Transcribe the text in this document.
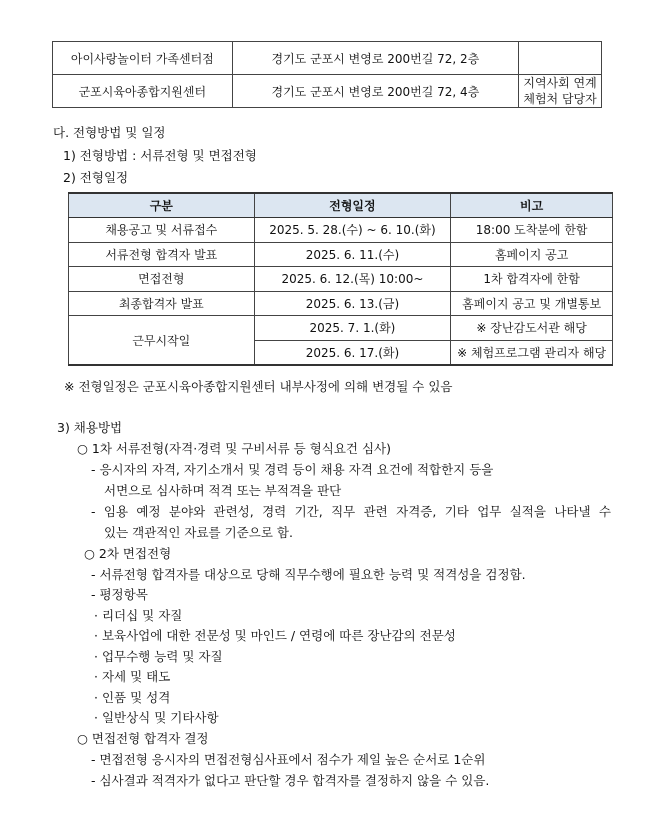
아이사랑놀이터 가족센터점	경기도 군포시 변영로 200번길 72, 2층	
군포시육아종합지원센터	경기도 군포시 변영로 200번길 72, 4층	지역사회 연계
체험처 담당자
다. 전형방법 및 일정
1) 전형방법 : 서류전형 및 면접전형
2) 전형일정
구분	전형일정	비고
채용공고 및 서류접수	2025. 5. 28.(수) ~ 6. 10.(화)	18:00 도착분에 한함
서류전형 합격자 발표	2025. 6. 11.(수)	홈페이지 공고
면접전형	2025. 6. 12.(목) 10:00~	1차 합격자에 한함
최종합격자 발표	2025. 6. 13.(금)	홈페이지 공고 및 개별통보
근무시작일	2025. 7. 1.(화)	※ 장난감도서관 해당
	2025. 6. 17.(화)	※ 체험프로그램 관리자 해당
※ 전형일정은 군포시육아종합지원센터 내부사정에 의해 변경될 수 있음
3) 채용방법
○ 1차 서류전형(자격·경력 및 구비서류 등 형식요건 심사)
- 응시자의 자격, 자기소개서 및 경력 등이 채용 자격 요건에 적합한지 등을
서면으로 심사하며 적격 또는 부적격을 판단
- 임용 예정 분야와 관련성, 경력 기간, 직무 관련 자격증, 기타 업무 실적을 나타낼 수
있는 객관적인 자료를 기준으로 함.
○ 2차 면접전형
- 서류전형 합격자를 대상으로 당해 직무수행에 필요한 능력 및 적격성을 검정함.
- 평정항목
· 리더십 및 자질
· 보육사업에 대한 전문성 및 마인드 / 연령에 따른 장난감의 전문성
· 업무수행 능력 및 자질
· 자세 및 태도
· 인품 및 성격
· 일반상식 및 기타사항
○ 면접전형 합격자 결정
- 면접전형 응시자의 면접전형심사표에서 점수가 제일 높은 순서로 1순위
- 심사결과 적격자가 없다고 판단할 경우 합격자를 결정하지 않을 수 있음.
